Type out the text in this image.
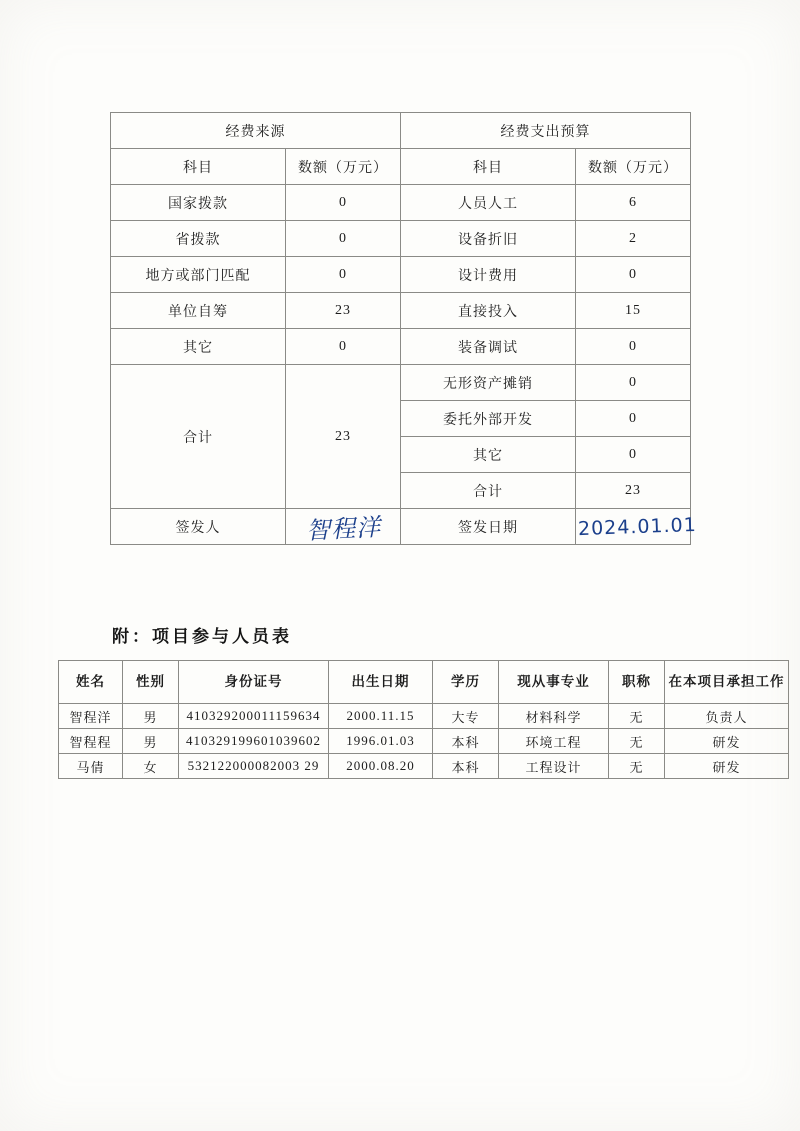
经费来源		经费支出预算	
科目	数额（万元）	科目	数额（万元）
国家拨款	0	人员人工	6
省拨款	0	设备折旧	2
地方或部门匹配	0	设计费用	0
单位自筹	23	直接投入	15
其它	0	装备调试	0
合计	23	无形资产摊销	0
		委托外部开发	0
		其它	0
		合计	23
签发人	智程洋	签发日期	2024.01.01
附：项目参与人员表
姓名	性别	身份证号	出生日期	学历	现从事专业	职称	在本项目承担工作
智程洋	男	410329200011159634	2000.11.15	大专	材料科学	无	负责人
智程程	男	410329199601039602	1996.01.03	本科	环境工程	无	研发
马倩	女	532122000082003 29	2000.08.20	本科	工程设计	无	研发
